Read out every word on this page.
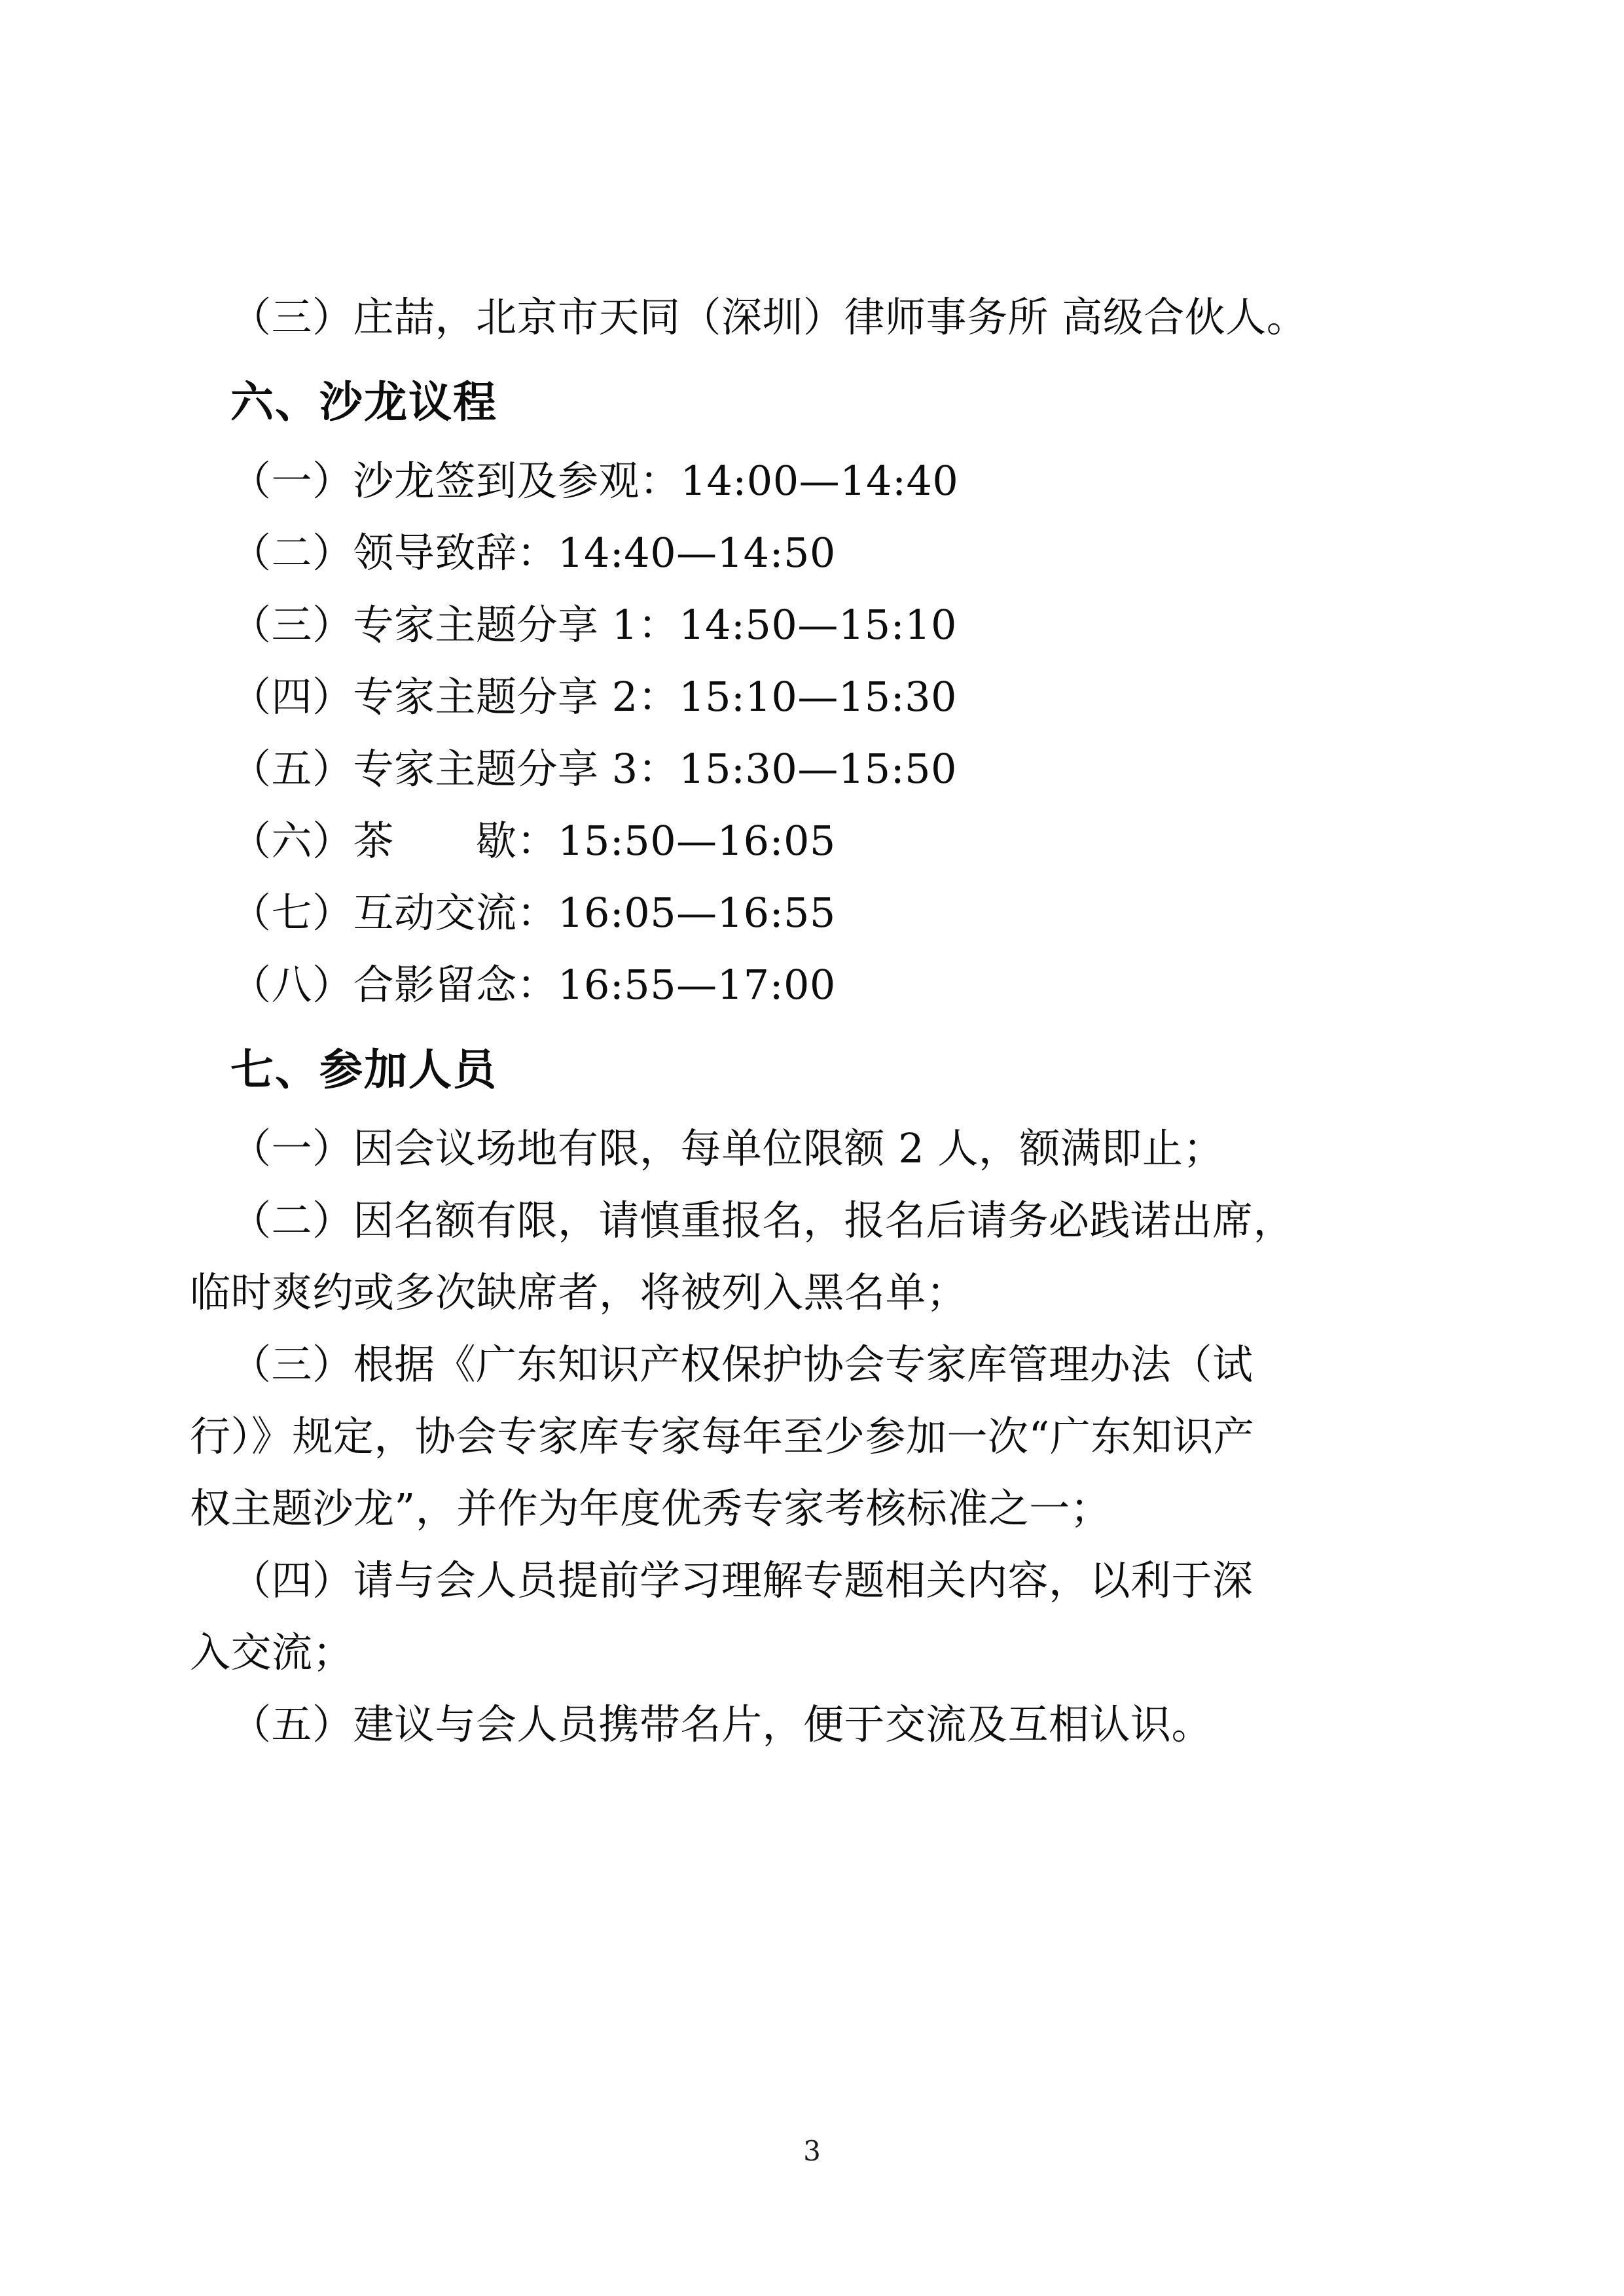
（三）庄喆，北京市天同（深圳）律师事务所 高级合伙人。

六、沙龙议程

（一）沙龙签到及参观：14:00—14:40

（二）领导致辞：14:40—14:50

（三）专家主题分享 1：14:50—15:10

（四）专家主题分享 2：15:10—15:30

（五）专家主题分享 3：15:30—15:50

（六）茶　　歇：15:50—16:05

（七）互动交流：16:05—16:55

（八）合影留念：16:55—17:00

七、参加人员

（一）因会议场地有限，每单位限额 2 人，额满即止；

（二）因名额有限，请慎重报名，报名后请务必践诺出席，

临时爽约或多次缺席者，将被列入黑名单；

（三）根据《广东知识产权保护协会专家库管理办法（试

行）》规定，协会专家库专家每年至少参加一次“广东知识产

权主题沙龙”，并作为年度优秀专家考核标准之一；

（四）请与会人员提前学习理解专题相关内容，以利于深

入交流；

（五）建议与会人员携带名片，便于交流及互相认识。

3
